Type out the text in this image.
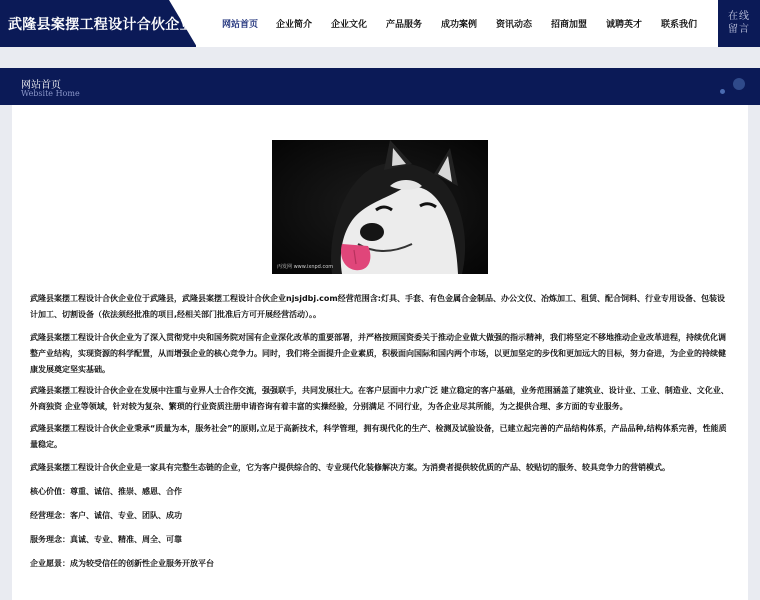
武隆县案摆工程设计合伙企业	网站首页 企业简介 企业文化 产品服务 成功案例 资讯动态 招商加盟 诚聘英才 联系我们
在线
留言
网站首页
Website Home
丙发网 www.ixnpd.com

武隆县案摆工程设计合伙企业位于武隆县，武隆县案摆工程设计合伙企业njsjdbj.com经营范围含:灯具、手套、有色金属合金制品、办公文仪、冶炼加工、租赁、配合饲料、行业专用设备、包装设计加工、切割设备（依法须经批准的项目,经相关部门批准后方可开展经营活动）。。

武隆县案摆工程设计合伙企业为了深入贯彻党中央和国务院对国有企业深化改革的重要部署，并严格按照国资委关于推动企业做大做强的指示精神，我们将坚定不移地推动企业改革进程，持续优化调整产业结构，实现资源的科学配置，从而增强企业的核心竞争力。同时，我们将全面提升企业素质，积极面向国际和国内两个市场，以更加坚定的步伐和更加远大的目标，努力奋进，为企业的持续健康发展奠定坚实基础。

武隆县案摆工程设计合伙企业在发展中注重与业界人士合作交流，强强联手，共同发展壮大。在客户层面中力求广泛 建立稳定的客户基础，业务范围涵盖了建筑业、设计业、工业、制造业、文化业、外商独资 企业等领域，针对较为复杂、繁琐的行业资质注册申请咨询有着丰富的实操经验，分别满足 不同行业，为各企业尽其所能，为之提供合理、多方面的专业服务。

武隆县案摆工程设计合伙企业秉承“质量为本，服务社会”的原则,立足于高新技术，科学管理，拥有现代化的生产、检测及试验设备，已建立起完善的产品结构体系，产品品种,结构体系完善，性能质量稳定。

武隆县案摆工程设计合伙企业是一家具有完整生态链的企业，它为客户提供综合的、专业现代化装修解决方案。为消费者提供较优质的产品、较贴切的服务、较具竞争力的营销模式。

核心价值：尊重、诚信、推崇、感恩、合作

经营理念：客户、诚信、专业、团队、成功

服务理念：真诚、专业、精准、周全、可靠

企业愿景：成为较受信任的创新性企业服务开放平台
